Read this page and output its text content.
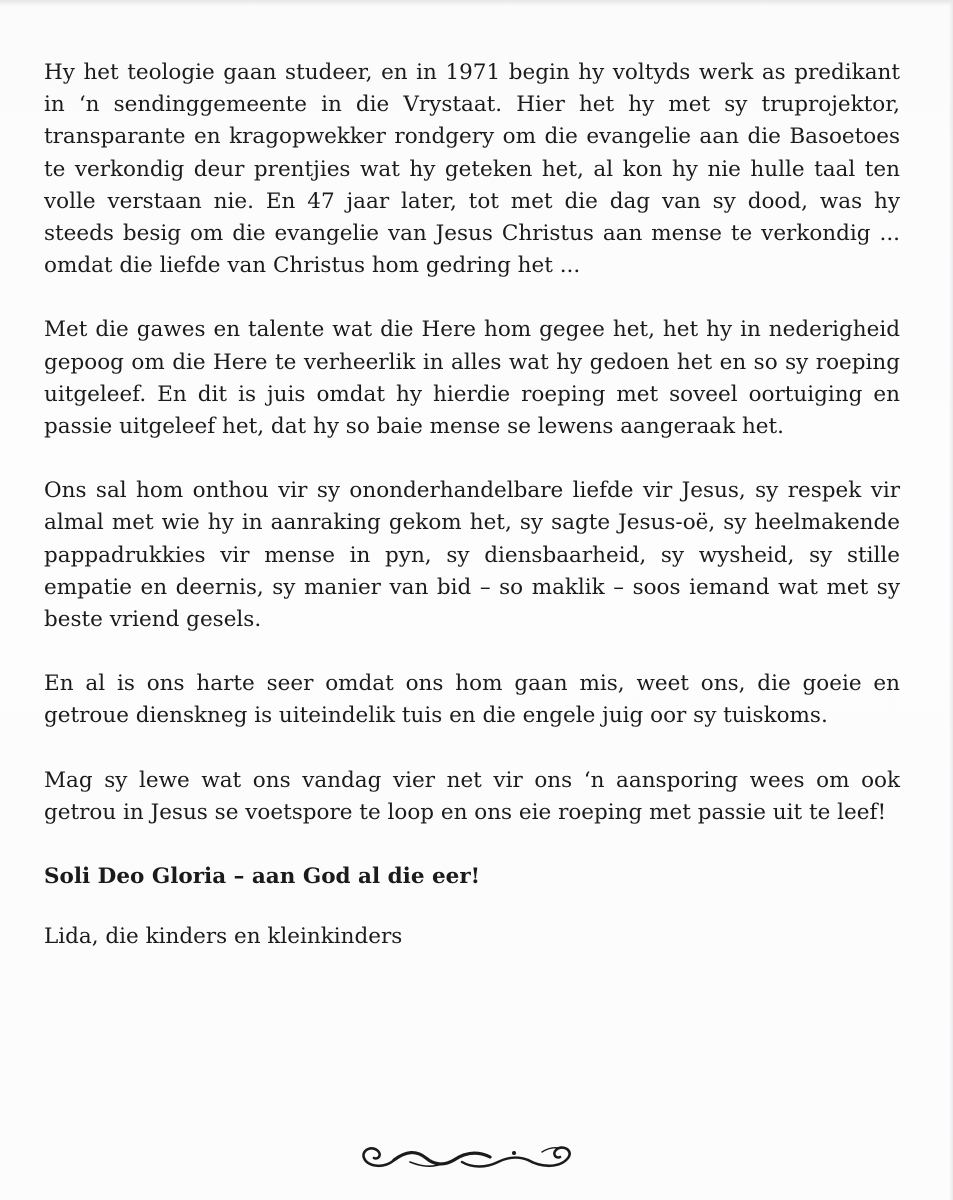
Hy het teologie gaan studeer, en in 1971 begin hy voltyds werk as predikant in ‘n sendinggemeente in die Vrystaat. Hier het hy met sy truprojektor, transparante en kragopwekker rondgery om die evangelie aan die Basoetoes te verkondig deur prentjies wat hy geteken het, al kon hy nie hulle taal ten volle verstaan nie. En 47 jaar later, tot met die dag van sy dood, was hy steeds besig om die evangelie van Jesus Christus aan mense te verkondig ... omdat die liefde van Christus hom gedring het ...

Met die gawes en talente wat die Here hom gegee het, het hy in nederigheid gepoog om die Here te verheerlik in alles wat hy gedoen het en so sy roeping uitgeleef. En dit is juis omdat hy hierdie roeping met soveel oortuiging en passie uitgeleef het, dat hy so baie mense se lewens aangeraak het.

Ons sal hom onthou vir sy ononderhandelbare liefde vir Jesus, sy respek vir almal met wie hy in aanraking gekom het, sy sagte Jesus-oë, sy heelmakende pappadrukkies vir mense in pyn, sy diensbaarheid, sy wysheid, sy stille empatie en deernis, sy manier van bid – so maklik – soos iemand wat met sy beste vriend gesels.

En al is ons harte seer omdat ons hom gaan mis, weet ons, die goeie en getroue dienskneg is uiteindelik tuis en die engele juig oor sy tuiskoms.

Mag sy lewe wat ons vandag vier net vir ons ‘n aansporing wees om ook getrou in Jesus se voetspore te loop en ons eie roeping met passie uit te leef!

Soli Deo Gloria – aan God al die eer!

Lida, die kinders en kleinkinders
